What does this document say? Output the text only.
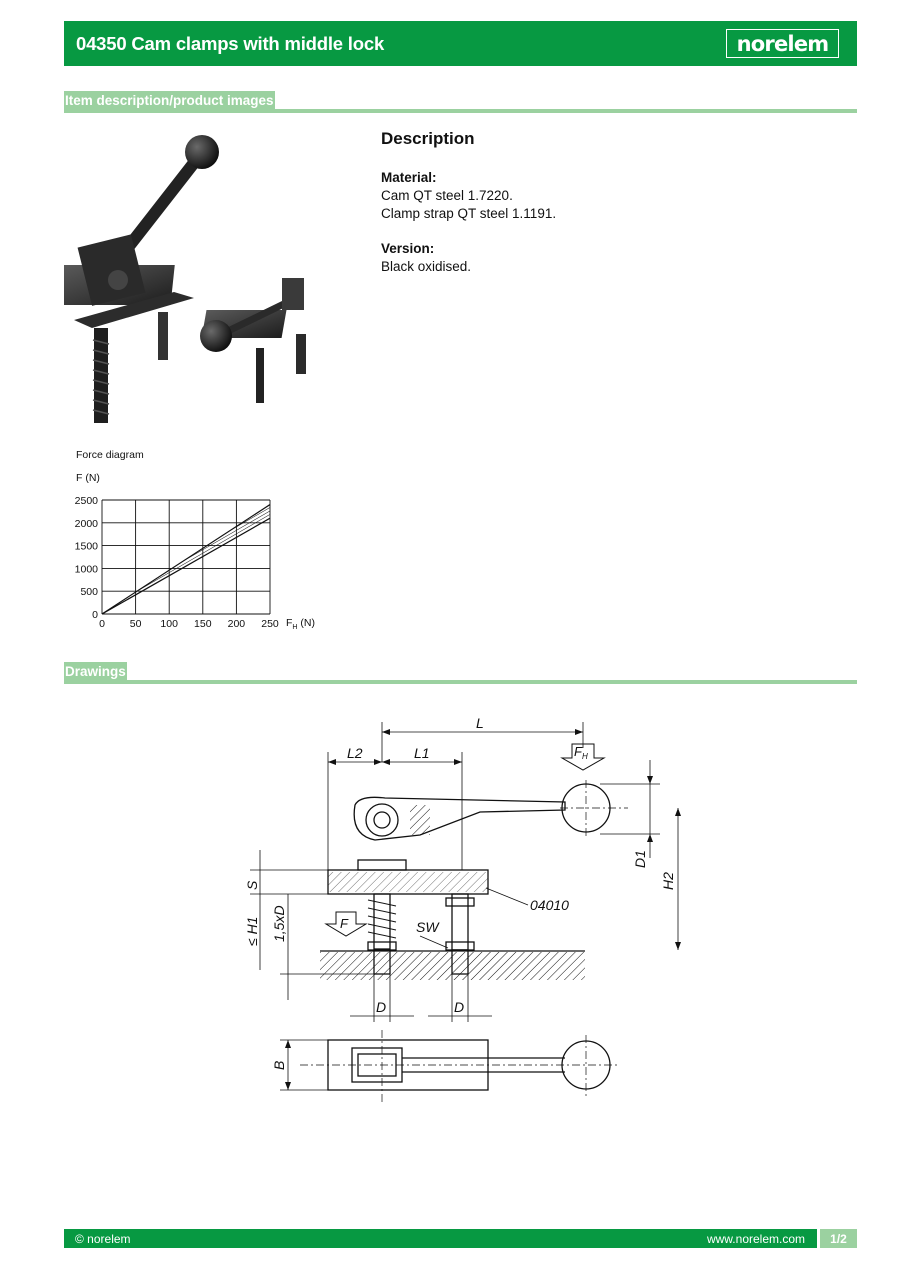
04350 Cam clamps with middle lock	norelem
Item description/product images
Force diagram
F (N)
0 50 100 150 200 250
0
500
1000
1500
2000
2500
$F_H$ (N)
Description
Material:
Cam QT steel 1.7220.
Clamp strap QT steel 1.1191.
Version:
Black oxidised.
Drawings
L
L2	L1	$F_H$
D1
H2
04010
F	SW
S
≤ H1 1,5xD
D	D
B
© norelem	www.norelem.com	1/2
